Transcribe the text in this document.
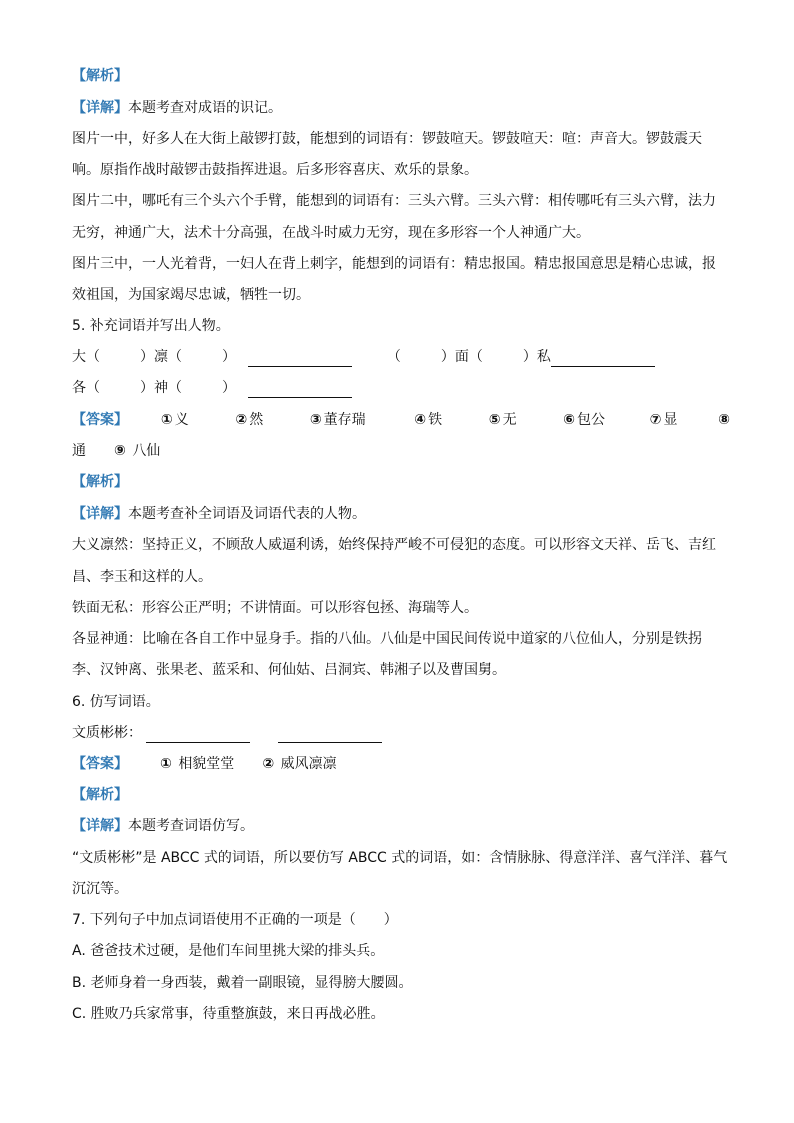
【解析】
【详解】本题考查对成语的识记。
图片一中，好多人在大街上敲锣打鼓，能想到的词语有：锣鼓喧天。锣鼓喧天：喧：声音大。锣鼓震天
响。原指作战时敲锣击鼓指挥进退。后多形容喜庆、欢乐的景象。
图片二中，哪吒有三个头六个手臂，能想到的词语有：三头六臂。三头六臂：相传哪吒有三头六臂，法力
无穷，神通广大，法术十分高强，在战斗时威力无穷，现在多形容一个人神通广大。
图片三中，一人光着背，一妇人在背上刺字，能想到的词语有：精忠报国。精忠报国意思是精心忠诚，报
效祖国，为国家竭尽忠诚，牺牲一切。
5. 补充词语并写出人物。
大（	）凛（	）	（	）面（	）私
各（	）神（	）
【答案】 ① 义	② 然	③ 董存瑞	④ 铁	⑤ 无	⑥ 包公	⑦ 显	⑧
通 ⑨ 八仙
【解析】
【详解】本题考查补全词语及词语代表的人物。
大义凛然：坚持正义，不顾敌人威逼利诱，始终保持严峻不可侵犯的态度。可以形容文天祥、岳飞、吉红
昌、李玉和这样的人。
铁面无私：形容公正严明；不讲情面。可以形容包拯、海瑞等人。
各显神通：比喻在各自工作中显身手。指的八仙。八仙是中国民间传说中道家的八位仙人，分别是铁拐
李、汉钟离、张果老、蓝采和、何仙姑、吕洞宾、韩湘子以及曹国舅。
6. 仿写词语。
文质彬彬：
【答案】 ① 相貌堂堂 ② 威风凛凛
【解析】
【详解】本题考查词语仿写。
“文质彬彬”是 ABCC 式的词语，所以要仿写 ABCC 式的词语，如：含情脉脉、得意洋洋、喜气洋洋、暮气
沉沉等。
7. 下列句子中加点词语使用不正确的一项是（　　）
A. 爸爸技术过硬，是他们车间里挑大梁的排头兵。
B. 老师身着一身西装，戴着一副眼镜，显得膀大腰圆。
C. 胜败乃兵家常事，待重整旗鼓，来日再战必胜。
